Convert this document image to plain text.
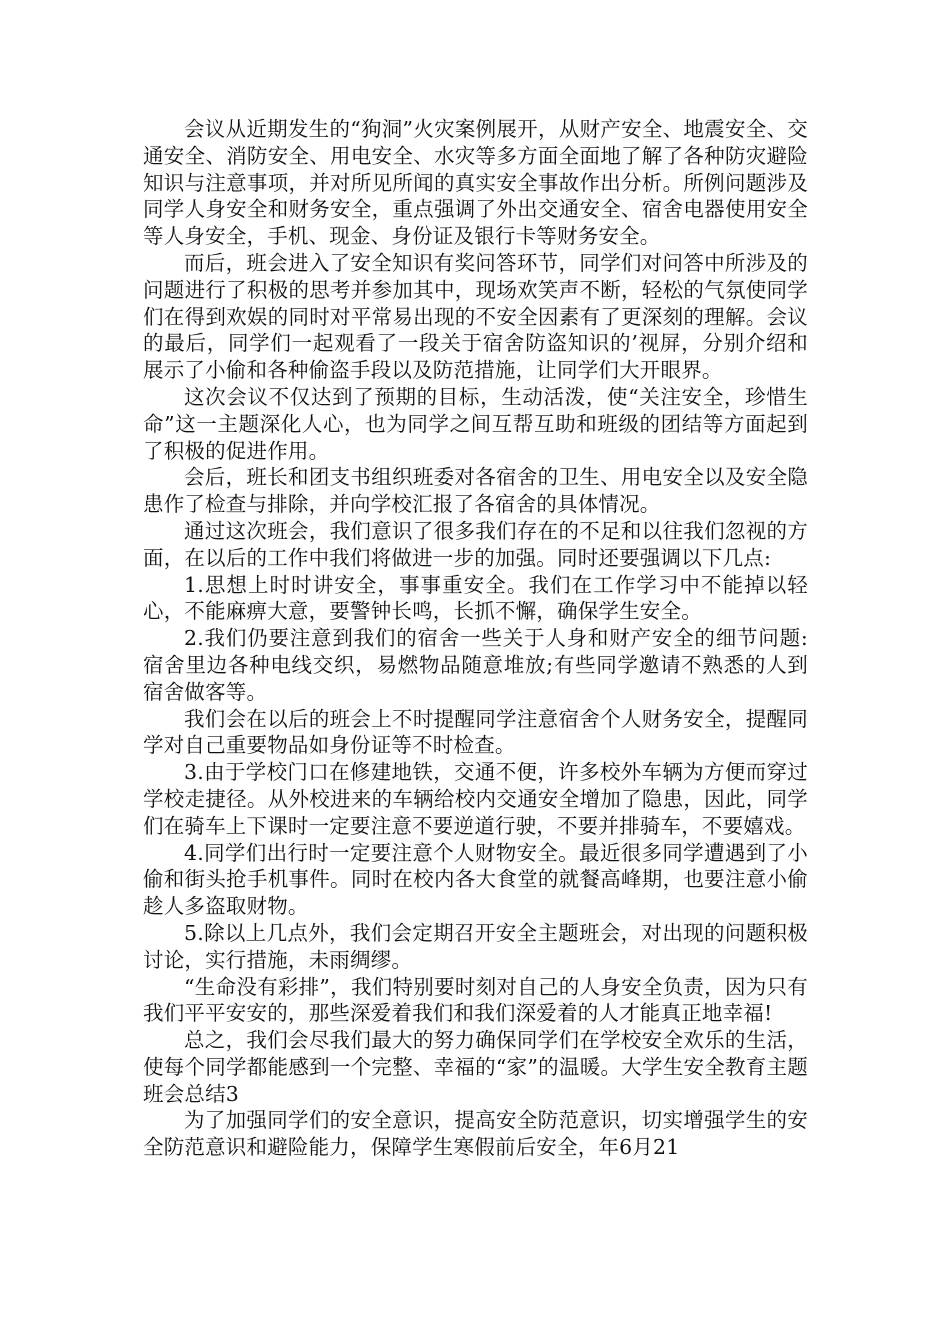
会议从近期发生的“狗洞”火灾案例展开，从财产安全、地震安全、交通安全、消防安全、用电安全、水灾等多方面全面地了解了各种防灾避险知识与注意事项，并对所见所闻的真实安全事故作出分析。所例问题涉及同学人身安全和财务安全，重点强调了外出交通安全、宿舍电器使用安全等人身安全，手机、现金、身份证及银行卡等财务安全。

而后，班会进入了安全知识有奖问答环节，同学们对问答中所涉及的问题进行了积极的思考并参加其中，现场欢笑声不断，轻松的气氛使同学们在得到欢娱的同时对平常易出现的不安全因素有了更深刻的理解。会议的最后，同学们一起观看了一段关于宿舍防盗知识的’视屏，分别介绍和展示了小偷和各种偷盗手段以及防范措施，让同学们大开眼界。

这次会议不仅达到了预期的目标，生动活泼，使“关注安全，珍惜生命”这一主题深化人心，也为同学之间互帮互助和班级的团结等方面起到了积极的促进作用。

会后，班长和团支书组织班委对各宿舍的卫生、用电安全以及安全隐患作了检查与排除，并向学校汇报了各宿舍的具体情况。

通过这次班会，我们意识了很多我们存在的不足和以往我们忽视的方面，在以后的工作中我们将做进一步的加强。同时还要强调以下几点:

1.思想上时时讲安全，事事重安全。我们在工作学习中不能掉以轻心，不能麻痹大意，要警钟长鸣，长抓不懈，确保学生安全。

2.我们仍要注意到我们的宿舍一些关于人身和财产安全的细节问题:宿舍里边各种电线交织，易燃物品随意堆放;有些同学邀请不熟悉的人到宿舍做客等。

我们会在以后的班会上不时提醒同学注意宿舍个人财务安全，提醒同学对自己重要物品如身份证等不时检查。

3.由于学校门口在修建地铁，交通不便，许多校外车辆为方便而穿过学校走捷径。从外校进来的车辆给校内交通安全增加了隐患，因此，同学们在骑车上下课时一定要注意不要逆道行驶，不要并排骑车，不要嬉戏。

4.同学们出行时一定要注意个人财物安全。最近很多同学遭遇到了小偷和街头抢手机事件。同时在校内各大食堂的就餐高峰期，也要注意小偷趁人多盗取财物。

5.除以上几点外，我们会定期召开安全主题班会，对出现的问题积极讨论，实行措施，未雨绸缪。

“生命没有彩排”，我们特别要时刻对自己的人身安全负责，因为只有我们平平安安的，那些深爱着我们和我们深爱着的人才能真正地幸福!

总之，我们会尽我们最大的努力确保同学们在学校安全欢乐的生活，使每个同学都能感到一个完整、幸福的“家”的温暖。大学生安全教育主题班会总结3

为了加强同学们的安全意识，提高安全防范意识，切实增强学生的安全防范意识和避险能力，保障学生寒假前后安全，年6月21
